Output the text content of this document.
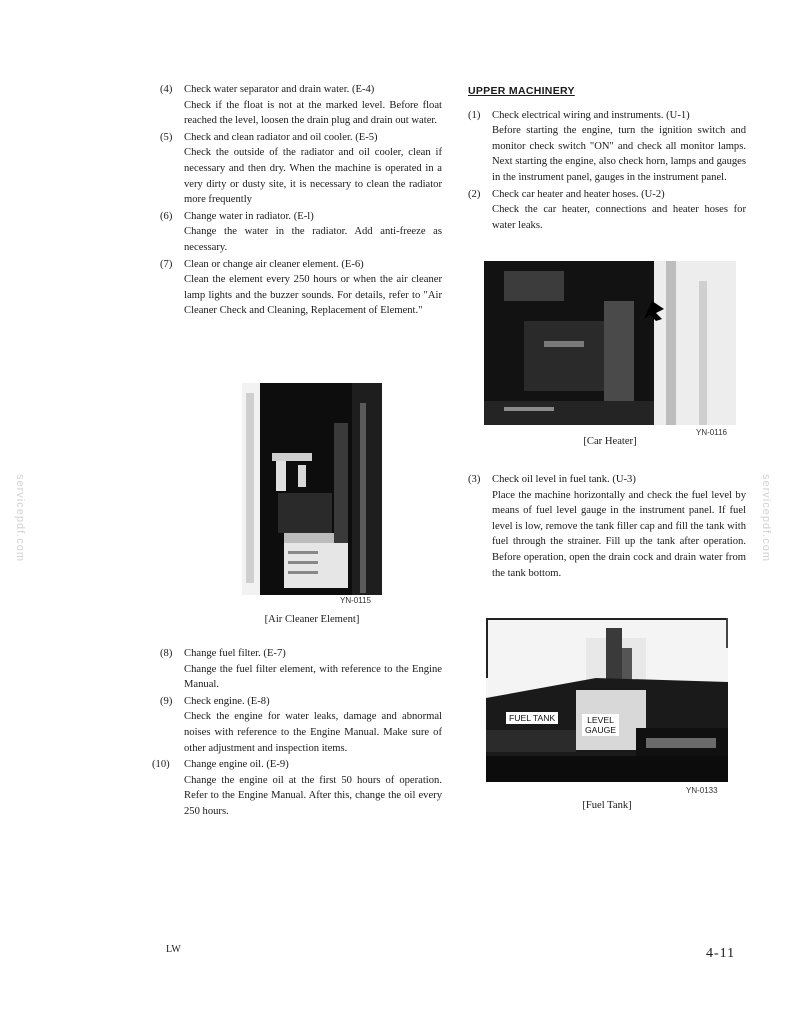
(4) Check water separator and drain water. (E-4)
Check if the float is not at the marked level. Before float reached the level, loosen the drain plug and drain out water.
(5) Check and clean radiator and oil cooler. (E-5)
Check the outside of the radiator and oil cooler, clean if necessary and then dry. When the machine is operated in a very dirty or dusty site, it is necessary to clean the radiator more frequently
(6) Change water in radiator. (E-l)
Change the water in the radiator. Add anti-freeze as necessary.
(7) Clean or change air cleaner element. (E-6)
Clean the element every 250 hours or when the air cleaner lamp lights and the buzzer sounds. For details, refer to "Air Cleaner Check and Cleaning, Replacement of Element."
YN-0115
[Air Cleaner Element]
(8) Change fuel filter. (E-7)
Change the fuel filter element, with reference to the Engine Manual.
(9) Check engine. (E-8)
Check the engine for water leaks, damage and abnormal noises with reference to the Engine Manual. Make sure of other adjustment and inspection items.
(10) Change engine oil. (E-9)
Change the engine oil at the first 50 hours of operation. Refer to the Engine Manual. After this, change the oil every 250 hours.
UPPER MACHINERY
(1) Check electrical wiring and instruments. (U-1)
Before starting the engine, turn the ignition switch and monitor check switch "ON" and check all monitor lamps. Next starting the engine, also check horn, lamps and gauges in the instrument panel, gauges in the instrument panel.
(2) Check car heater and heater hoses. (U-2)
Check the car heater, connections and heater hoses for water leaks.
YN-0116
[Car Heater]
(3) Check oil level in fuel tank. (U-3)
Place the machine horizontally and check the fuel level by means of fuel level gauge in the instrument panel. If fuel level is low, remove the tank filler cap and fill the tank with fuel through the strainer. Fill up the tank after operation. Before operation, open the drain cock and drain water from the tank bottom.
FUEL TANK	LEVEL
GAUGE
YN-0133
[Fuel Tank]
servicepdf.com	servicepdf.com
LW	4-11
